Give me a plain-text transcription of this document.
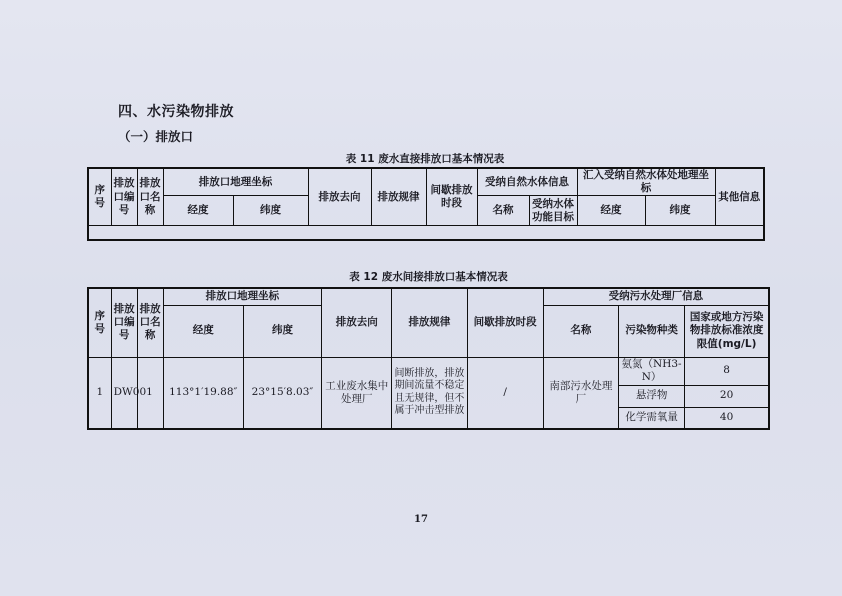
四、水污染物排放
（一）排放口
表 11 废水直接排放口基本情况表
序号	排放口编号	排放口名称	排放口地理坐标		排放去向	排放规律	间歇排放时段	受纳自然水体信息		汇入受纳自然水体处地理坐标		其他信息
			经度	纬度				名称	受纳水体功能目标	经度	纬度	

表 12 废水间接排放口基本情况表
序号	排放口编号	排放口名称	排放口地理坐标		排放去向	排放规律	间歇排放时段	受纳污水处理厂信息		
			经度	纬度				名称	污染物种类	国家或地方污染物排放标准浓度限值(mg/L)
1	DW001		113°1′19.88″	23°15′8.03″	工业废水集中处理厂	间断排放，排放期间流量不稳定且无规律，但不属于冲击型排放	/	南部污水处理厂	氨氮（NH3-N）	8
									悬浮物	20
									化学需氧量	40
17
